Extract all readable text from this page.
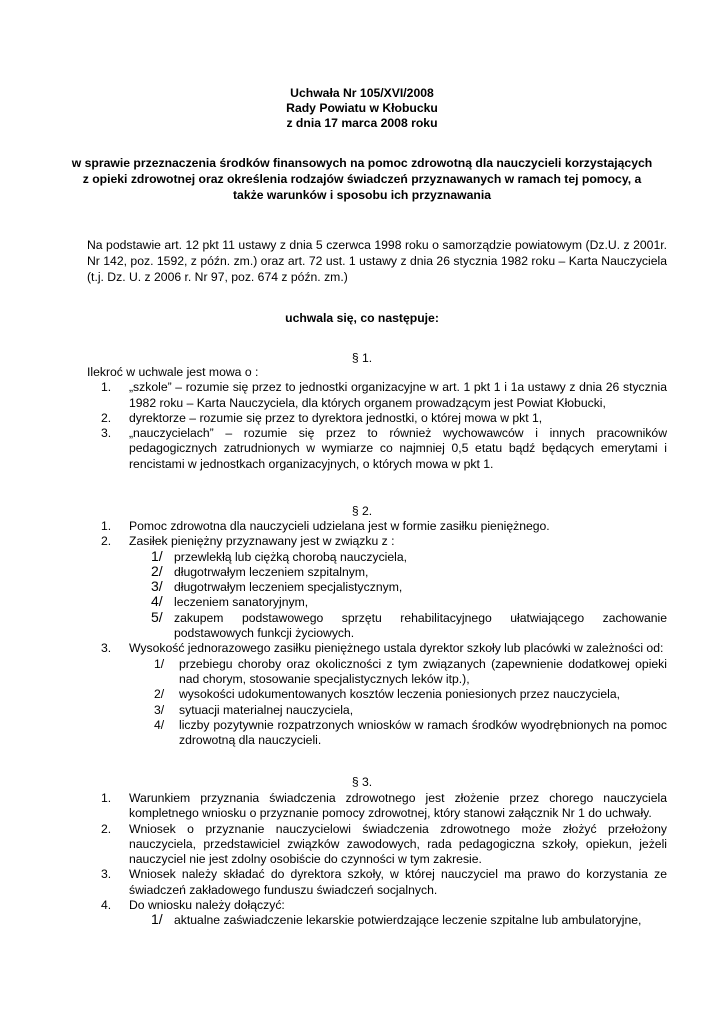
Uchwała Nr 105/XVI/2008
Rady Powiatu w Kłobucku
z dnia 17 marca 2008 roku
w sprawie przeznaczenia środków finansowych na pomoc zdrowotną dla nauczycieli korzystających z opieki zdrowotnej oraz określenia rodzajów świadczeń przyznawanych w ramach tej pomocy, a także warunków i sposobu ich przyznawania
Na podstawie art. 12 pkt 11 ustawy z dnia 5 czerwca 1998 roku o samorządzie powiatowym (Dz.U. z 2001r. Nr 142, poz. 1592, z późn. zm.) oraz art. 72 ust. 1 ustawy z dnia 26 stycznia 1982 roku – Karta Nauczyciela (t.j. Dz. U. z 2006 r. Nr 97, poz. 674 z późn. zm.)
uchwala się, co następuje:
§ 1.
Ilekroć w uchwale jest mowa o :
1. „szkole” – rozumie się przez to jednostki organizacyjne w art. 1 pkt 1 i 1a ustawy z dnia 26 stycznia 1982 roku – Karta Nauczyciela, dla których organem prowadzącym jest Powiat Kłobucki,
2. dyrektorze – rozumie się przez to dyrektora jednostki, o której mowa w pkt 1,
3. „nauczycielach” – rozumie się przez to również wychowawców i innych pracowników pedagogicznych zatrudnionych w wymiarze co najmniej 0,5 etatu bądź będących emerytami i rencistami w jednostkach organizacyjnych, o których mowa w pkt 1.
§ 2.
1. Pomoc zdrowotna dla nauczycieli udzielana jest w formie zasiłku pieniężnego.
2. Zasiłek pieniężny przyznawany jest w związku z :
1/ przewlekłą lub ciężką chorobą nauczyciela,
2/ długotrwałym leczeniem szpitalnym,
3/ długotrwałym leczeniem specjalistycznym,
4/ leczeniem sanatoryjnym,
5/ zakupem podstawowego sprzętu rehabilitacyjnego ułatwiającego zachowanie podstawowych funkcji życiowych.
3. Wysokość jednorazowego zasiłku pieniężnego ustala dyrektor szkoły lub placówki w zależności od:
1/ przebiegu choroby oraz okoliczności z tym związanych (zapewnienie dodatkowej opieki nad chorym, stosowanie specjalistycznych leków itp.),
2/ wysokości udokumentowanych kosztów leczenia poniesionych przez nauczyciela,
3/ sytuacji materialnej nauczyciela,
4/ liczby pozytywnie rozpatrzonych wniosków w ramach środków wyodrębnionych na pomoc zdrowotną dla nauczycieli.
§ 3.
1. Warunkiem przyznania świadczenia zdrowotnego jest złożenie przez chorego nauczyciela kompletnego wniosku o przyznanie pomocy zdrowotnej, który stanowi załącznik Nr 1 do uchwały.
2. Wniosek o przyznanie nauczycielowi świadczenia zdrowotnego może złożyć przełożony nauczyciela, przedstawiciel związków zawodowych, rada pedagogiczna szkoły, opiekun, jeżeli nauczyciel nie jest zdolny osobiście do czynności w tym zakresie.
3. Wniosek należy składać do dyrektora szkoły, w której nauczyciel ma prawo do korzystania ze świadczeń zakładowego funduszu świadczeń socjalnych.
4. Do wniosku należy dołączyć:
1/ aktualne zaświadczenie lekarskie potwierdzające leczenie szpitalne lub ambulatoryjne,
